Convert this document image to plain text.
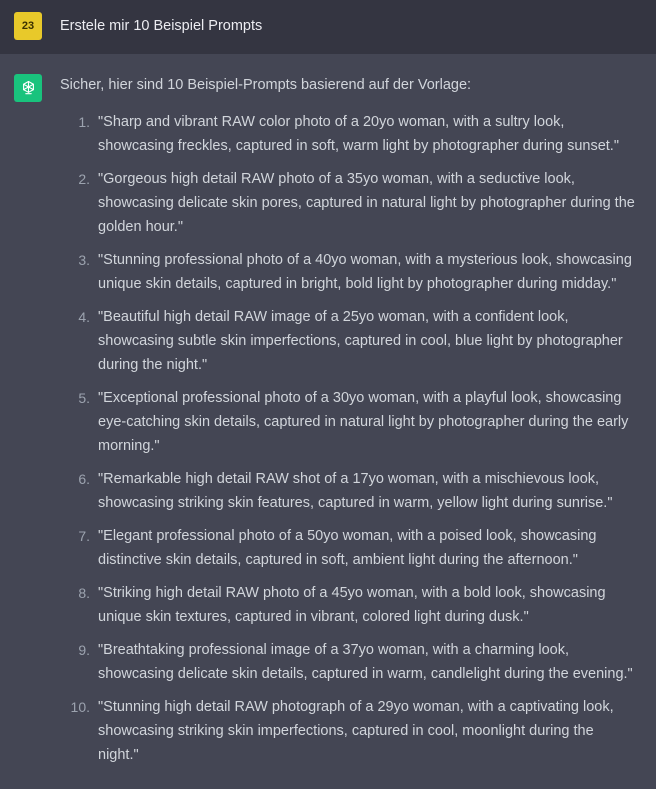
23	Erstele mir 10 Beispiel Prompts

Sicher, hier sind 10 Beispiel-Prompts basierend auf der Vorlage:

"Sharp and vibrant RAW color photo of a 20yo woman, with a sultry look, showcasing freckles, captured in soft, warm light by photographer during sunset."
"Gorgeous high detail RAW photo of a 35yo woman, with a seductive look, showcasing delicate skin pores, captured in natural light by photographer during the golden hour."
"Stunning professional photo of a 40yo woman, with a mysterious look, showcasing unique skin details, captured in bright, bold light by photographer during midday."
"Beautiful high detail RAW image of a 25yo woman, with a confident look, showcasing subtle skin imperfections, captured in cool, blue light by photographer during the night."
"Exceptional professional photo of a 30yo woman, with a playful look, showcasing eye-catching skin details, captured in natural light by photographer during the early morning."
"Remarkable high detail RAW shot of a 17yo woman, with a mischievous look, showcasing striking skin features, captured in warm, yellow light during sunrise."
"Elegant professional photo of a 50yo woman, with a poised look, showcasing distinctive skin details, captured in soft, ambient light during the afternoon."
"Striking high detail RAW photo of a 45yo woman, with a bold look, showcasing unique skin textures, captured in vibrant, colored light during dusk."
"Breathtaking professional image of a 37yo woman, with a charming look, showcasing delicate skin details, captured in warm, candlelight during the evening."
"Stunning high detail RAW photograph of a 29yo woman, with a captivating look, showcasing striking skin imperfections, captured in cool, moonlight during the night."
